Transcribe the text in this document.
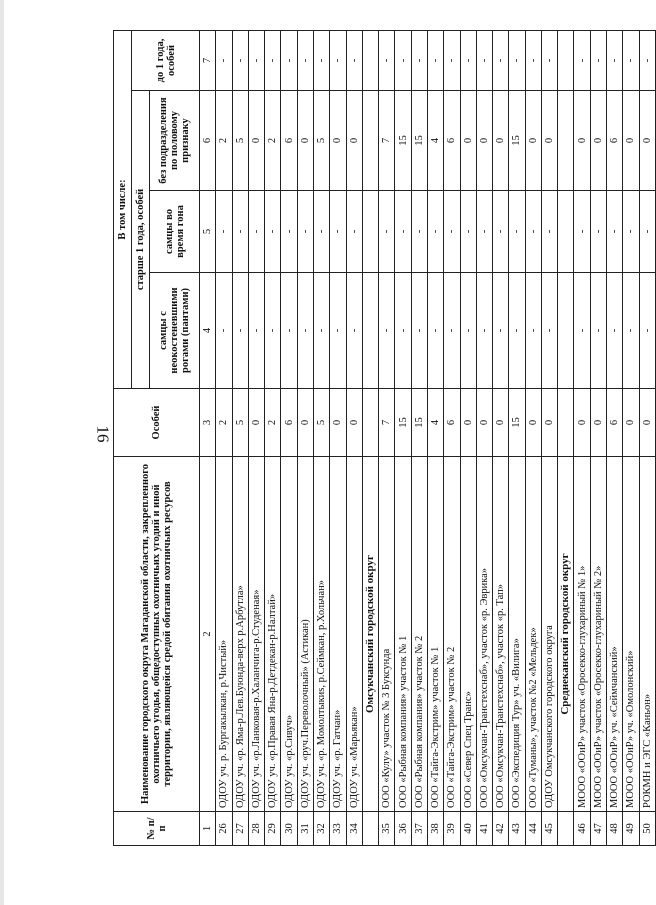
16
№ п/п	Наименование городского округа Магаданской области, закрепленного охотничьего угодья, общедоступных охотничьих угодий и иной территории, являющейся средой обитания охотничьих ресурсов	Особей	В том числе:			
			старше 1 года, особей			до 1 года, особей
			самцы с неокостеневшими рогами (пантами)	самцы во время гона	без подразделения по половому признаку	
1	2	3	4	5	6	7
26	ОДОУ уч. р. Бургакылкан, р.Чистый»	2	-	-	2	-
27	ОДОУ уч. «р. Яма-р.Лев.Буюнда-верх р.Арбутла»	5	-	-	5	-
28	ОДОУ уч. «р.Ланковая-р.Халанчига-р.Студеная»	0	-	-	0	-
29	ОДОУ уч. «р.Правая Яна-р.Детдекан-р.Налтай»	2	-	-	2	-
30	ОДОУ уч. «р.Сивуч»	6	-	-	6	-
31	ОДОУ уч. «руч.Переволочный» (Астикан)	0	-	-	0	-
32	ОДОУ уч. «р. Момолтыкиs, р.Сеймкан, р.Хольчан»	5	-	-	5	-
33	ОДОУ уч. «р. Гатчан»	0	-	-	0	-
34	ОДОУ уч. «Марьякан»	0	-	-	0	-
	Омсукчанский городской округ					
35	ООО «Кулу» участок № 3 Буксунда	7	-	-	7	-
36	ООО «Рыбная компания» участок № 1	15	-	-	15	-
37	ООО «Рыбная компания» участок № 2	15	-	-	15	-
38	ООО «Тайга-Экстрим» участок № 1	4	-	-	4	-
39	ООО «Тайга-Экстрим» участок № 2	6	-	-	6	-
40	ООО «Север Спец Транс»	0	-	-	0	-
41	ООО «Омсукчан-Транстехснаб», участок «р. Эврика»	0	-	-	0	-
42	ООО «Омсукчан-Транстехснаб», участок «р. Тап»	0	-	-	0	-
43	ООО «Экспедиция Тур» уч. «Вилига»	15	-	-	15	-
44	ООО «Туманы», участок №2 «Мельдек»	0	-	-	0	-
45	ОДОУ Омсукчанского городского округа	0	-	-	0	-
	Среднеканский городской округ					
46	МООО «ООиР» участок «Оросекко-глухариный № 1»	0	-	-	0	-
47	МООО «ООиР» участок «Оросекко-глухариный № 2»	0	-	-	0	-
48	МООО «ООиР» уч. «Сеймчанский»	6	-	-	6	-
49	МООО «ООиР» уч. «Омолонский»	0	-	-	0	-
50	РОКМН и ЭГС «Каньон»	0	-	-	0	-
